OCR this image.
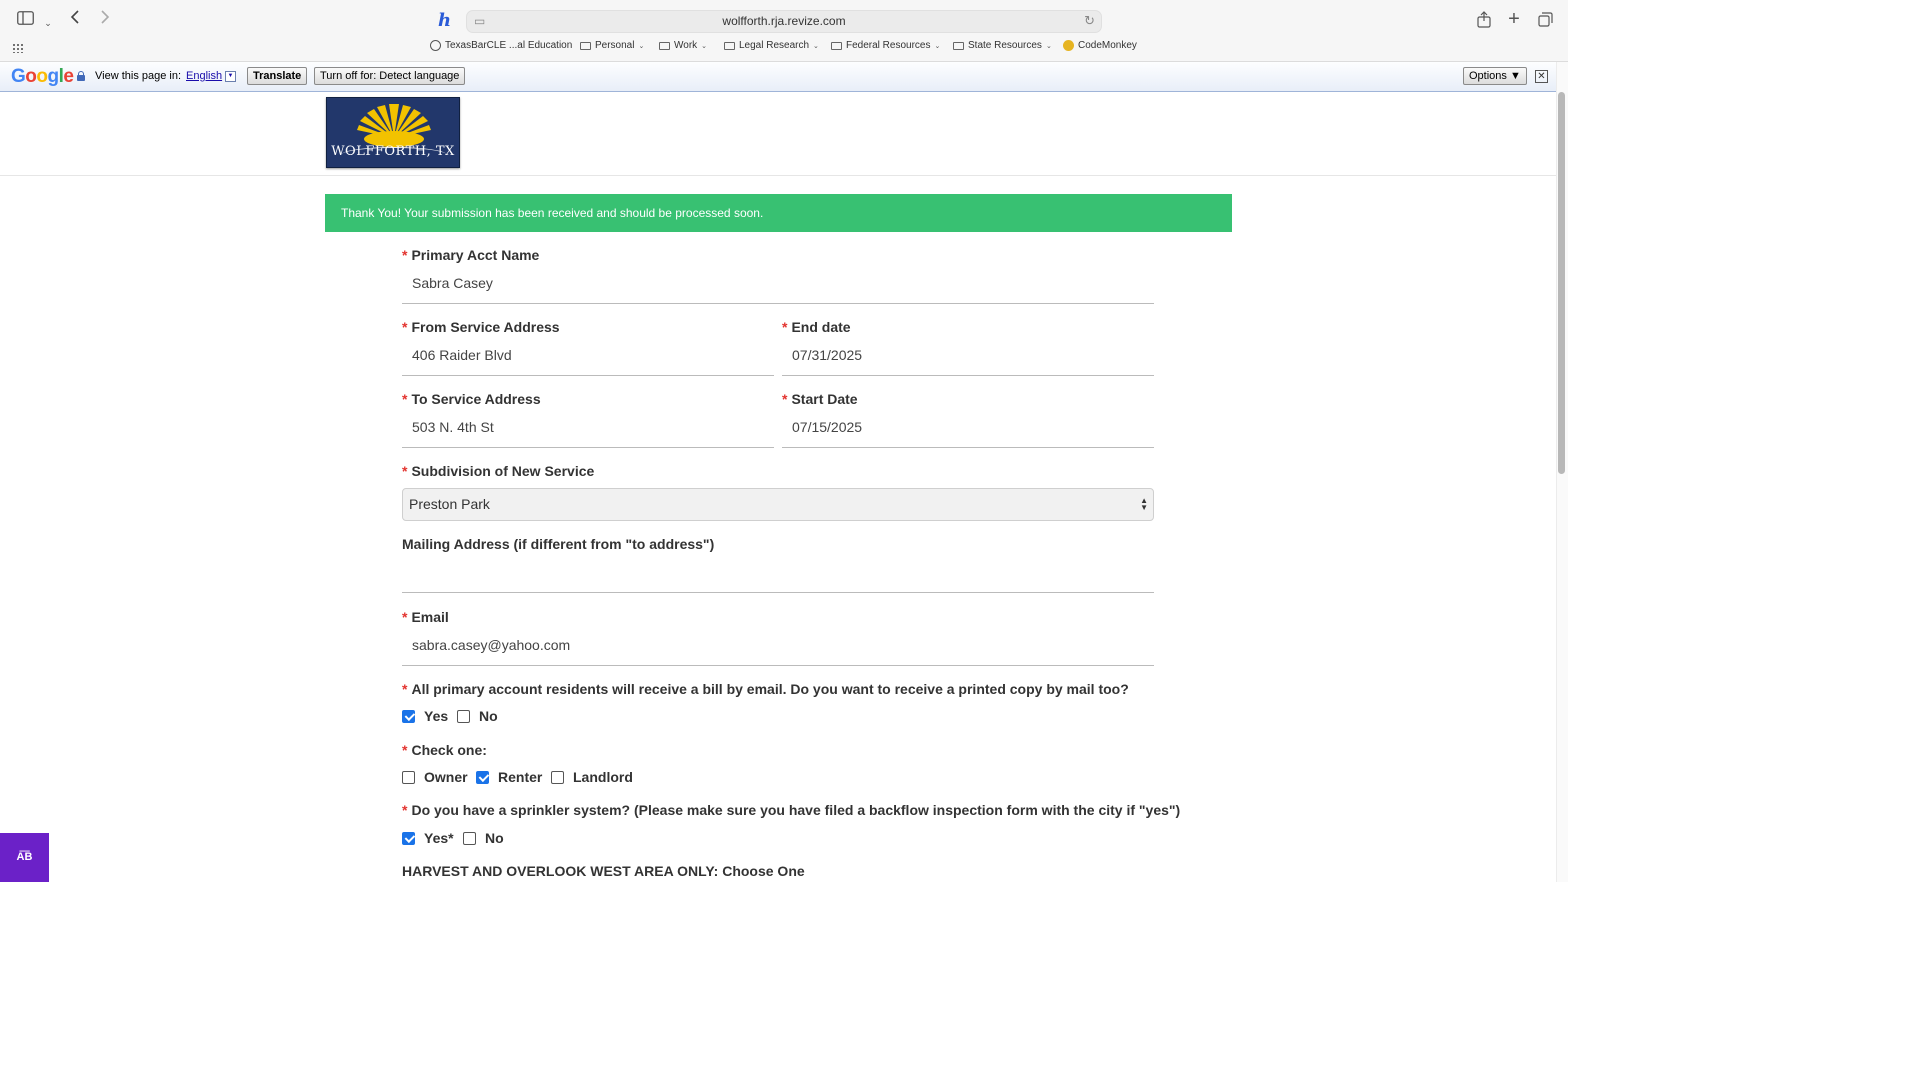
⌄	h ▭	wolfforth.rja.revize.com	↻	+
TexasBarCLE ...al Education Personal ⌄	Work ⌄	Legal Research ⌄	Federal Resources ⌄	State Resources ⌄	CodeMonkey
Google View this page in: English ▼	Translate	Turn off for: Detect language	Options ▼	✕
WOLFFORTH, TX
Thank You! Your submission has been received and should be processed soon.
* Primary Acct Name
Sabra Casey
* From Service Address
406 Raider Blvd
* End date
07/31/2025
* To Service Address
503 N. 4th St
* Start Date
07/15/2025
* Subdivision of New Service
Preston Park	▲
▼
Mailing Address (if different from "to address")
* Email
sabra.casey@yahoo.com
* All primary account residents will receive a bill by email. Do you want to receive a printed copy by mail too?
Yes No
* Check one:
Owner Renter Landlord
* Do you have a sprinkler system? (Please make sure you have filed a backflow inspection form with the city if "yes")
Yes* No
HARVEST AND OVERLOOK WEST AREA ONLY: Choose One
A͞B
